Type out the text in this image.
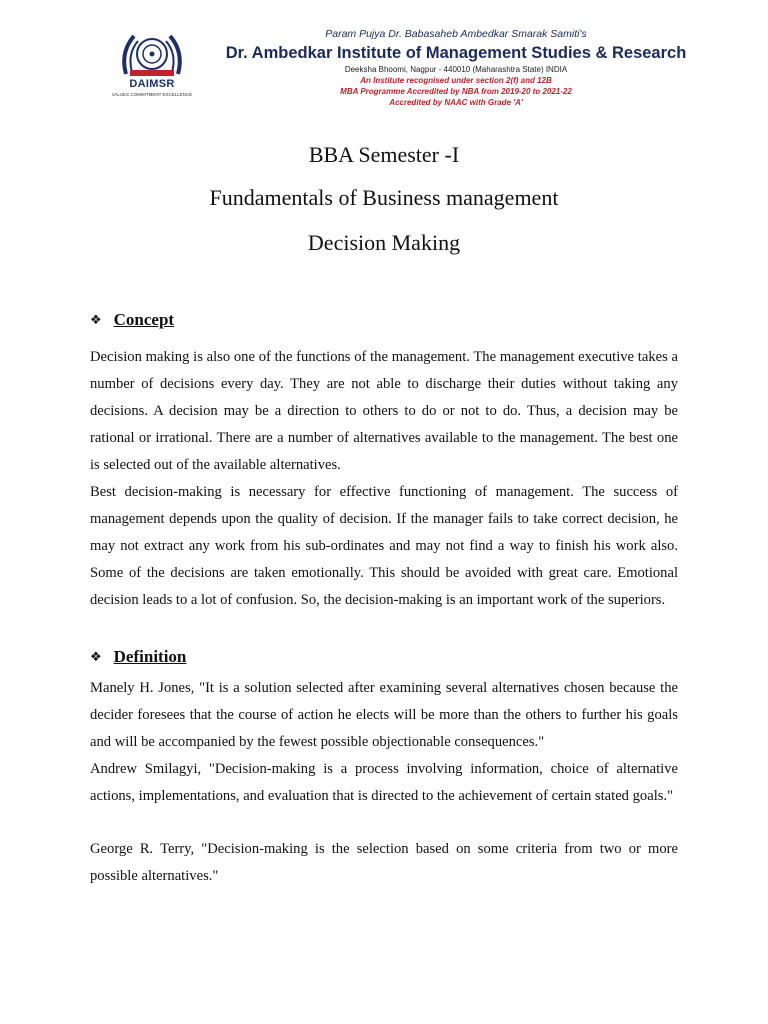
DAIMSR
VALUES COMMITMENT EXCELLENCE
Param Pujya Dr. Babasaheb Ambedkar Smarak Samiti's
Dr. Ambedkar Institute of Management Studies & Research
Deeksha Bhoomi, Nagpur - 440010 (Maharashtra State) INDIA
An Institute recognised under section 2(f) and 12B
MBA Programme Accredited by NBA from 2019-20 to 2021-22
Accredited by NAAC with Grade 'A'
BBA Semester -I
Fundamentals of Business management
Decision Making
❖ Concept
Decision making is also one of the functions of the management. The management executive takes a number of decisions every day. They are not able to discharge their duties without taking any decisions. A decision may be a direction to others to do or not to do. Thus, a decision may be rational or irrational. There are a number of alternatives available to the management. The best one is selected out of the available alternatives.
Best decision-making is necessary for effective functioning of management. The success of management depends upon the quality of decision. If the manager fails to take correct decision, he may not extract any work from his sub-ordinates and may not find a way to finish his work also. Some of the decisions are taken emotionally. This should be avoided with great care. Emotional decision leads to a lot of confusion. So, the decision-making is an important work of the superiors.
❖ Definition
Manely H. Jones, "It is a solution selected after examining several alternatives chosen because the decider foresees that the course of action he elects will be more than the others to further his goals and will be accompanied by the fewest possible objectionable consequences."
Andrew Smilagyi, "Decision-making is a process involving information, choice of alternative actions, implementations, and evaluation that is directed to the achievement of certain stated goals."
George R. Terry, "Decision-making is the selection based on some criteria from two or more possible alternatives."
